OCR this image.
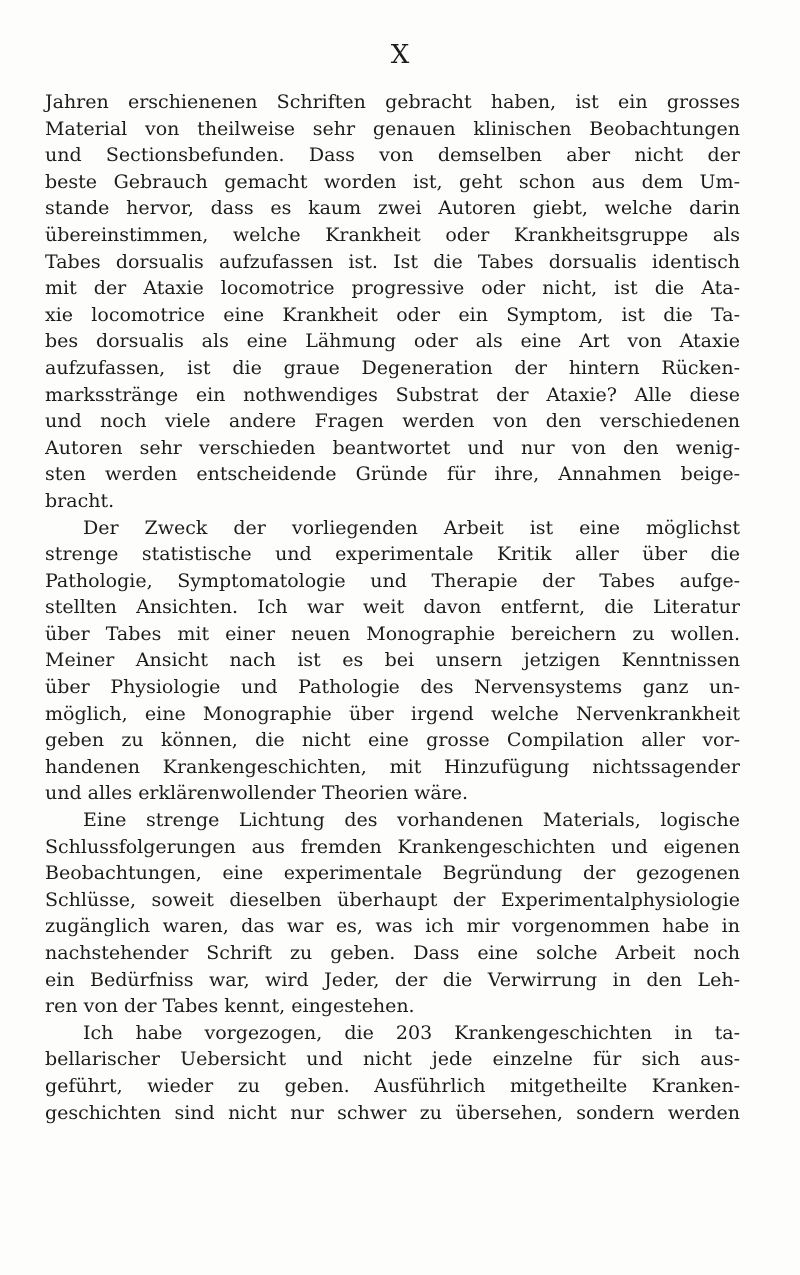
X
Jahren erschienenen Schriften gebracht haben, ist ein grosses
Material von theilweise sehr genauen klinischen Beobachtungen
und Sectionsbefunden. Dass von demselben aber nicht der
beste Gebrauch gemacht worden ist, geht schon aus dem Um-
stande hervor, dass es kaum zwei Autoren giebt, welche darin
übereinstimmen, welche Krankheit oder Krankheitsgruppe als
Tabes dorsualis aufzufassen ist. Ist die Tabes dorsualis identisch
mit der Ataxie locomotrice progressive oder nicht, ist die Ata-
xie locomotrice eine Krankheit oder ein Symptom, ist die Ta-
bes dorsualis als eine Lähmung oder als eine Art von Ataxie
aufzufassen, ist die graue Degeneration der hintern Rücken-
marksstränge ein nothwendiges Substrat der Ataxie? Alle diese
und noch viele andere Fragen werden von den verschiedenen
Autoren sehr verschieden beantwortet und nur von den wenig-
sten werden entscheidende Gründe für ihre, Annahmen beige-
bracht.
Der Zweck der vorliegenden Arbeit ist eine möglichst
strenge statistische und experimentale Kritik aller über die
Pathologie, Symptomatologie und Therapie der Tabes aufge-
stellten Ansichten. Ich war weit davon entfernt, die Literatur
über Tabes mit einer neuen Monographie bereichern zu wollen.
Meiner Ansicht nach ist es bei unsern jetzigen Kenntnissen
über Physiologie und Pathologie des Nervensystems ganz un-
möglich, eine Monographie über irgend welche Nervenkrankheit
geben zu können, die nicht eine grosse Compilation aller vor-
handenen Krankengeschichten, mit Hinzufügung nichtssagender
und alles erklärenwollender Theorien wäre.
Eine strenge Lichtung des vorhandenen Materials, logische
Schlussfolgerungen aus fremden Krankengeschichten und eigenen
Beobachtungen, eine experimentale Begründung der gezogenen
Schlüsse, soweit dieselben überhaupt der Experimentalphysiologie
zugänglich waren, das war es, was ich mir vorgenommen habe in
nachstehender Schrift zu geben. Dass eine solche Arbeit noch
ein Bedürfniss war, wird Jeder, der die Verwirrung in den Leh-
ren von der Tabes kennt, eingestehen.
Ich habe vorgezogen, die 203 Krankengeschichten in ta-
bellarischer Uebersicht und nicht jede einzelne für sich aus-
geführt, wieder zu geben. Ausführlich mitgetheilte Kranken-
geschichten sind nicht nur schwer zu übersehen, sondern werden
